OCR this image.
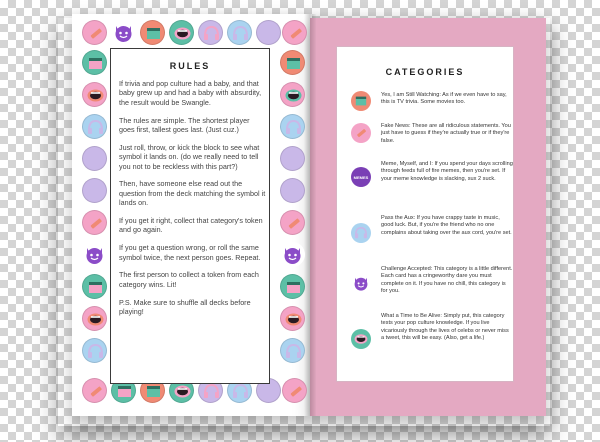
RULES

If trivia and pop culture had a baby, and that baby grew up and had a baby with absurdity, the result would be Swangle.

The rules are simple. The shortest player goes first, tallest goes last. (Just cuz.)

Just roll, throw, or kick the block to see what symbol it lands on. (do we really need to tell you not to be reckless with this part?)

Then, have someone else read out the question from the deck matching the symbol it lands on.

If you get it right, collect that category's token and go again.

If you get a question wrong, or roll the same symbol twice, the next person goes. Repeat.

The first person to collect a token from each category wins. Lit!

P.S. Make sure to shuffle all decks before playing!

CATEGORIES
Yes, I am Still Watching: As if we even have to say, this is TV trivia. Some movies too.
Fake News: These are all ridiculous statements. You just have to guess if they're actually true or if they're false.
MEMES
Meme, Myself, and I: If you spend your days scrolling through feeds full of fire memes, then you're set. If your meme knowledge is slacking, sux 2 suck.
Pass the Aux: If you have crappy taste in music, good luck. But, if you're the friend who no one complains about taking over the aux cord, you're set.
Challenge Accepted: This category is a little different. Each card has a cringeworthy dare you must complete on it. If you have no chill, this category is for you.
What a Time to Be Alive: Simply put, this category tests your pop culture knowledge. If you live vicariously through the lives of celebs or never miss a tweet, this will be easy. (Also, get a life.)
